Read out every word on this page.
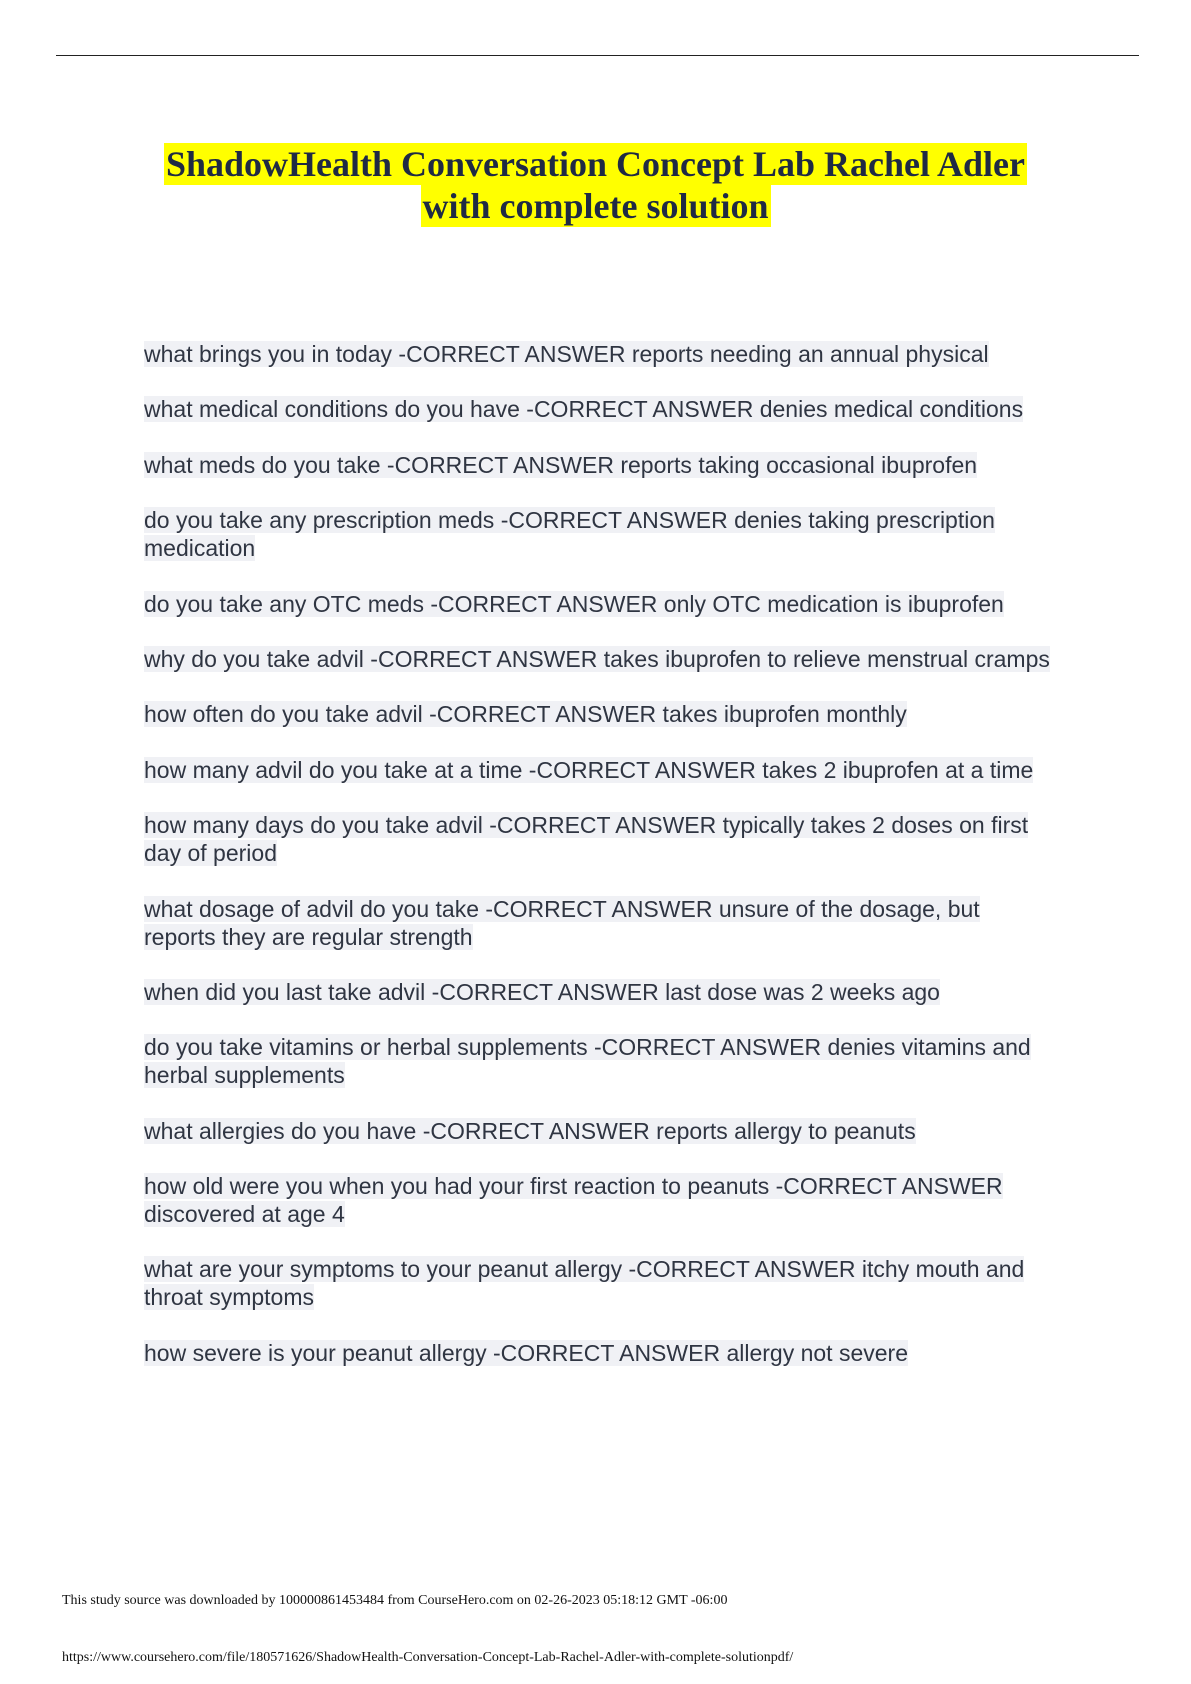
ShadowHealth Conversation Concept Lab Rachel Adler
with complete solution
what brings you in today -CORRECT ANSWER reports needing an annual physical
what medical conditions do you have -CORRECT ANSWER denies medical conditions
what meds do you take -CORRECT ANSWER reports taking occasional ibuprofen
do you take any prescription meds -CORRECT ANSWER denies taking prescription medication
do you take any OTC meds -CORRECT ANSWER only OTC medication is ibuprofen
why do you take advil -CORRECT ANSWER takes ibuprofen to relieve menstrual cramps
how often do you take advil -CORRECT ANSWER takes ibuprofen monthly
how many advil do you take at a time -CORRECT ANSWER takes 2 ibuprofen at a time
how many days do you take advil -CORRECT ANSWER typically takes 2 doses on first day of period
what dosage of advil do you take -CORRECT ANSWER unsure of the dosage, but reports they are regular strength
when did you last take advil -CORRECT ANSWER last dose was 2 weeks ago
do you take vitamins or herbal supplements -CORRECT ANSWER denies vitamins and herbal supplements
what allergies do you have -CORRECT ANSWER reports allergy to peanuts
how old were you when you had your first reaction to peanuts -CORRECT ANSWER discovered at age 4
what are your symptoms to your peanut allergy -CORRECT ANSWER itchy mouth and throat symptoms
how severe is your peanut allergy -CORRECT ANSWER allergy not severe
This study source was downloaded by 100000861453484 from CourseHero.com on 02-26-2023 05:18:12 GMT -06:00
https://www.coursehero.com/file/180571626/ShadowHealth-Conversation-Concept-Lab-Rachel-Adler-with-complete-solutionpdf/
